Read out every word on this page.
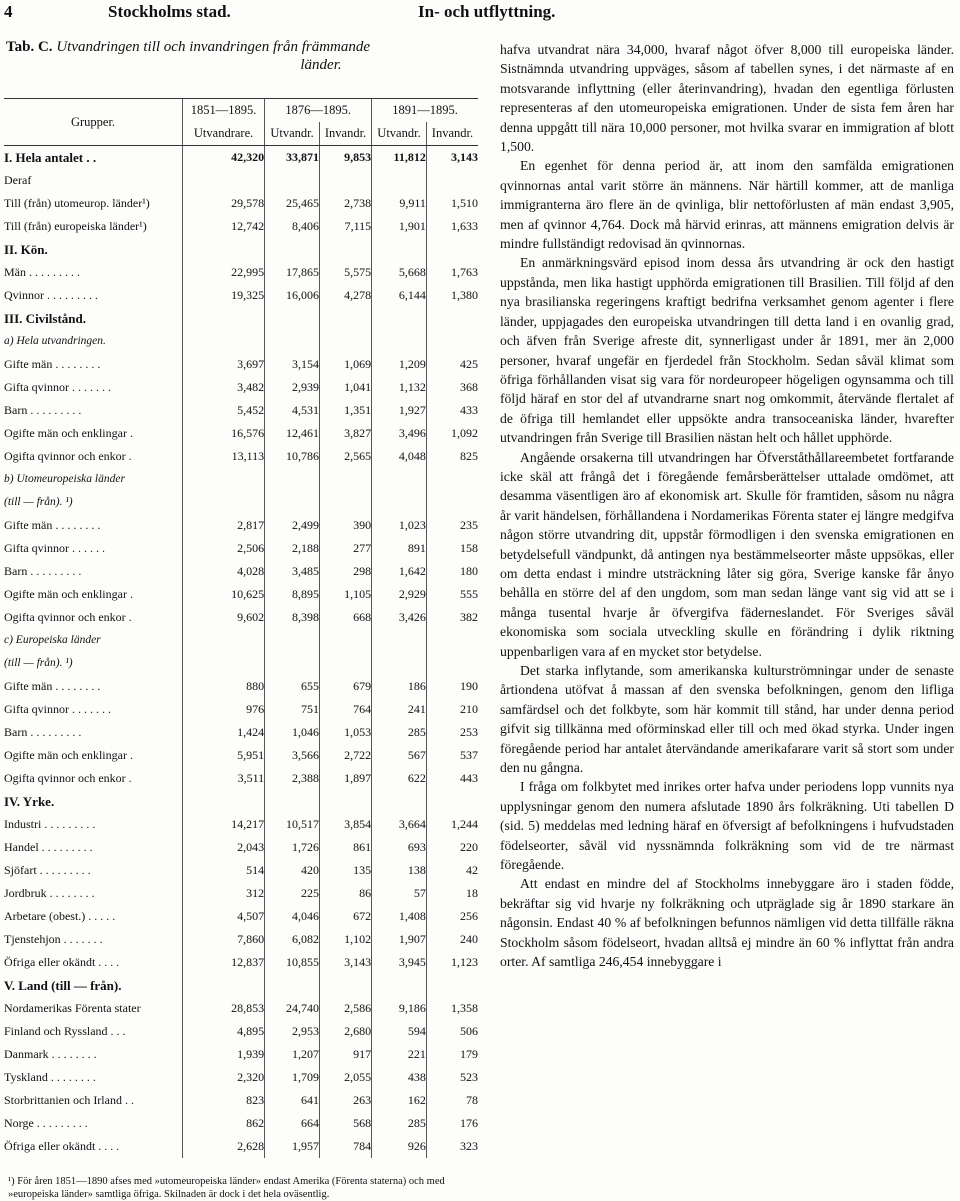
4	Stockholms stad.	In- och utflyttning.
Tab. C. Utvandringen till och invandringen från främmande
länder.
Grupper.	1851—1895.	1876—1895.		1891—1895.	
	Utvandrare.	Utvandr.	Invandr.	Utvandr.	Invandr.
I. Hela antalet . .	42,320	33,871	9,853	11,812	3,143
Deraf					
Till (från) utomeurop. länder¹)	29,578	25,465	2,738	9,911	1,510
Till (från) europeiska länder¹)	12,742	8,406	7,115	1,901	1,633
II. Kön.					
Män . . . . . . . . .	22,995	17,865	5,575	5,668	1,763
Qvinnor . . . . . . . . .	19,325	16,006	4,278	6,144	1,380
III. Civilstånd.					
a) Hela utvandringen.					
Gifte män . . . . . . . .	3,697	3,154	1,069	1,209	425
Gifta qvinnor . . . . . . .	3,482	2,939	1,041	1,132	368
Barn . . . . . . . . .	5,452	4,531	1,351	1,927	433
Ogifte män och enklingar .	16,576	12,461	3,827	3,496	1,092
Ogifta qvinnor och enkor .	13,113	10,786	2,565	4,048	825
b) Utomeuropeiska länder					
(till — från). ¹)					
Gifte män . . . . . . . .	2,817	2,499	390	1,023	235
Gifta qvinnor . . . . . .	2,506	2,188	277	891	158
Barn . . . . . . . . .	4,028	3,485	298	1,642	180
Ogifte män och enklingar .	10,625	8,895	1,105	2,929	555
Ogifta qvinnor och enkor .	9,602	8,398	668	3,426	382
c) Europeiska länder					
(till — från). ¹)					
Gifte män . . . . . . . .	880	655	679	186	190
Gifta qvinnor . . . . . . .	976	751	764	241	210
Barn . . . . . . . . .	1,424	1,046	1,053	285	253
Ogifte män och enklingar .	5,951	3,566	2,722	567	537
Ogifta qvinnor och enkor .	3,511	2,388	1,897	622	443
IV. Yrke.					
Industri . . . . . . . . .	14,217	10,517	3,854	3,664	1,244
Handel . . . . . . . . .	2,043	1,726	861	693	220
Sjöfart . . . . . . . . .	514	420	135	138	42
Jordbruk . . . . . . . .	312	225	86	57	18
Arbetare (obest.) . . . . .	4,507	4,046	672	1,408	256
Tjenstehjon . . . . . . .	7,860	6,082	1,102	1,907	240
Öfriga eller okändt . . . .	12,837	10,855	3,143	3,945	1,123
V. Land (till — från).					
Nordamerikas Förenta stater	28,853	24,740	2,586	9,186	1,358
Finland och Ryssland . . .	4,895	2,953	2,680	594	506
Danmark . . . . . . . .	1,939	1,207	917	221	179
Tyskland . . . . . . . .	2,320	1,709	2,055	438	523
Storbrittanien och Irland . .	823	641	263	162	78
Norge . . . . . . . . .	862	664	568	285	176
Öfriga eller okändt . . . .	2,628	1,957	784	926	323
¹) För åren 1851—1890 afses med »utomeuropeiska länder» endast Amerika (Förenta staterna) och med »europeiska länder» samtliga öfriga. Skilnaden är dock i det hela oväsentlig.

hafva utvandrat nära 34,000, hvaraf något öfver 8,000 till europeiska länder. Sistnämnda utvandring uppväges, såsom af tabellen synes, i det närmaste af en motsvarande inflyttning (eller återinvandring), hvadan den egentliga förlusten representeras af den utomeuropeiska emigrationen. Under de sista fem åren har denna uppgått till nära 10,000 personer, mot hvilka svarar en immigration af blott 1,500.

En egenhet för denna period är, att inom den samfälda emigrationen qvinnornas antal varit större än männens. När härtill kommer, att de manliga immigranterna äro flere än de qvinliga, blir nettoförlusten af män endast 3,905, men af qvinnor 4,764. Dock må härvid erinras, att männens emigration delvis är mindre fullständigt redovisad än qvinnornas.

En anmärkningsvärd episod inom dessa års utvandring är ock den hastigt uppstånda, men lika hastigt upphörda emigrationen till Brasilien. Till följd af den nya brasilianska regeringens kraftigt bedrifna verksamhet genom agenter i flere länder, uppjagades den europeiska utvandringen till detta land i en ovanlig grad, och äfven från Sverige afreste dit, synnerligast under år 1891, mer än 2,000 personer, hvaraf ungefär en fjerdedel från Stockholm. Sedan såväl klimat som öfriga förhållanden visat sig vara för nordeuropeer högeligen ogynsamma och till följd häraf en stor del af utvandrarne snart nog omkommit, återvände flertalet af de öfriga till hemlandet eller uppsökte andra transoceaniska länder, hvarefter utvandringen från Sverige till Brasilien nästan helt och hållet upphörde.

Angående orsakerna till utvandringen har Öfverståthållareembetet fortfarande icke skäl att frångå det i föregående femårsberättelser uttalade omdömet, att desamma väsentligen äro af ekonomisk art. Skulle för framtiden, såsom nu några år varit händelsen, förhållandena i Nordamerikas Förenta stater ej längre medgifva någon större utvandring dit, uppstår förmodligen i den svenska emigrationen en betydelsefull vändpunkt, då antingen nya bestämmelseorter måste uppsökas, eller om detta endast i mindre utsträckning låter sig göra, Sverige kanske får ånyo behålla en större del af den ungdom, som man sedan länge vant sig vid att se i många tusental hvarje år öfvergifva fäderneslandet. För Sveriges såväl ekonomiska som sociala utveckling skulle en förändring i dylik riktning uppenbarligen vara af en mycket stor betydelse.

Det starka inflytande, som amerikanska kulturströmningar under de senaste årtiondena utöfvat å massan af den svenska befolkningen, genom den lifliga samfärdsel och det folkbyte, som här kommit till stånd, har under denna period gifvit sig tillkänna med oförminskad eller till och med ökad styrka. Under ingen föregående period har antalet återvändande amerikafarare varit så stort som under den nu gångna.

I fråga om folkbytet med inrikes orter hafva under periodens lopp vunnits nya upplysningar genom den numera afslutade 1890 års folkräkning. Uti tabellen D (sid. 5) meddelas med ledning häraf en öfversigt af befolkningens i hufvudstaden födelseorter, såväl vid nyssnämnda folkräkning som vid de tre närmast föregående.

Att endast en mindre del af Stockholms innebyggare äro i staden födde, bekräftar sig vid hvarje ny folkräkning och utpräglade sig år 1890 starkare än någonsin. Endast 40 % af befolkningen befunnos nämligen vid detta tillfälle räkna Stockholm såsom födelseort, hvadan alltså ej mindre än 60 % inflyttat från andra orter. Af samtliga 246,454 innebyggare i
